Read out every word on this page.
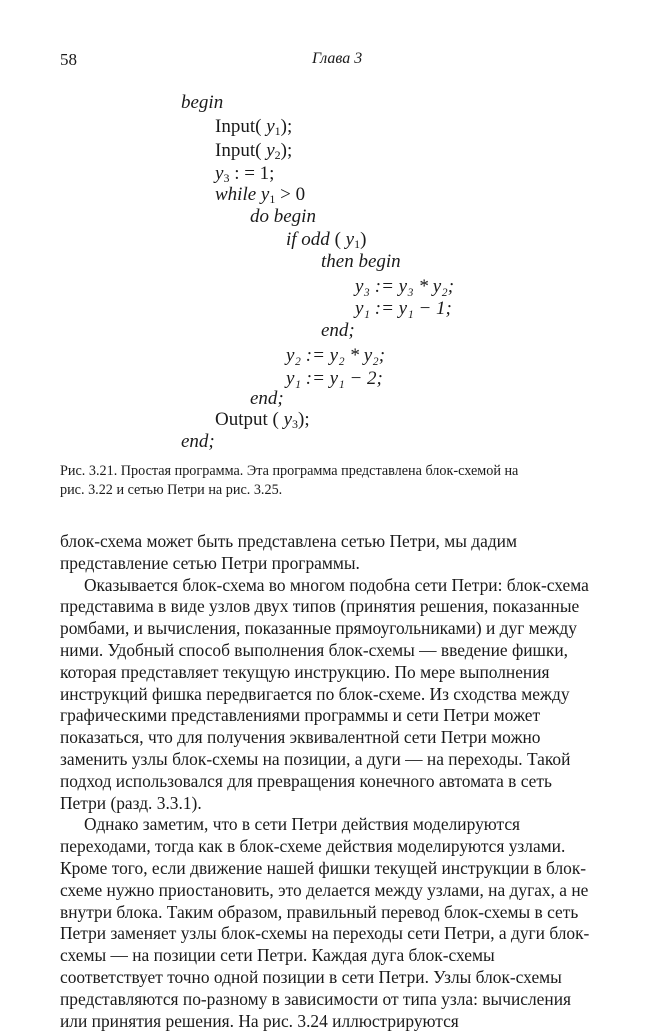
58	Глава 3
begin
Input( $y_1$);
Input( $y_2$);
$y_3$ : = 1;
while $y_1 > 0$
do begin
if odd ( $y_1$)
then begin
y₃ := y₃ * y₂;
y₁ := y₁ − 1;
end;
y₂ := y₂ * y₂;
y₁ := y₁ − 2;
end;
Output ( $y_3$);
end;
Рис. 3.21. Простая программа. Эта программа представлена блок-схемой на
рис. 3.22 и сетью Петри на рис. 3.25.

блок-схема может быть представлена сетью Петри, мы дадим представление сетью Петри программы.

Оказывается блок-схема во многом подобна сети Петри: блок-схема представима в виде узлов двух типов (принятия решения, показанные ромбами, и вычисления, показанные прямоугольниками) и дуг между ними. Удобный способ выполнения блок-схемы — введение фишки, которая представляет текущую инструкцию. По мере выполнения инструкций фишка передвигается по блок-схеме. Из сходства между графическими представлениями программы и сети Петри может показаться, что для получения эквивалентной сети Петри можно заменить узлы блок-схемы на позиции, а дуги — на переходы. Такой подход использовался для превращения конечного автомата в сеть Петри (разд. 3.3.1).

Однако заметим, что в сети Петри действия моделируются переходами, тогда как в блок-схеме действия моделируются узлами. Кроме того, если движение нашей фишки текущей инструкции в блок-схеме нужно приостановить, это делается между узлами, на дугах, а не внутри блока. Таким образом, правильный перевод блок-схемы в сеть Петри заменяет узлы блок-схемы на переходы сети Петри, а дуги блок-схемы — на позиции сети Петри. Каждая дуга блок-схемы соответствует точно одной позиции в сети Петри. Узлы блок-схемы представляются по-разному в зависимости от типа узла: вычисления или принятия решения. На рис. 3.24 иллюстрируются
